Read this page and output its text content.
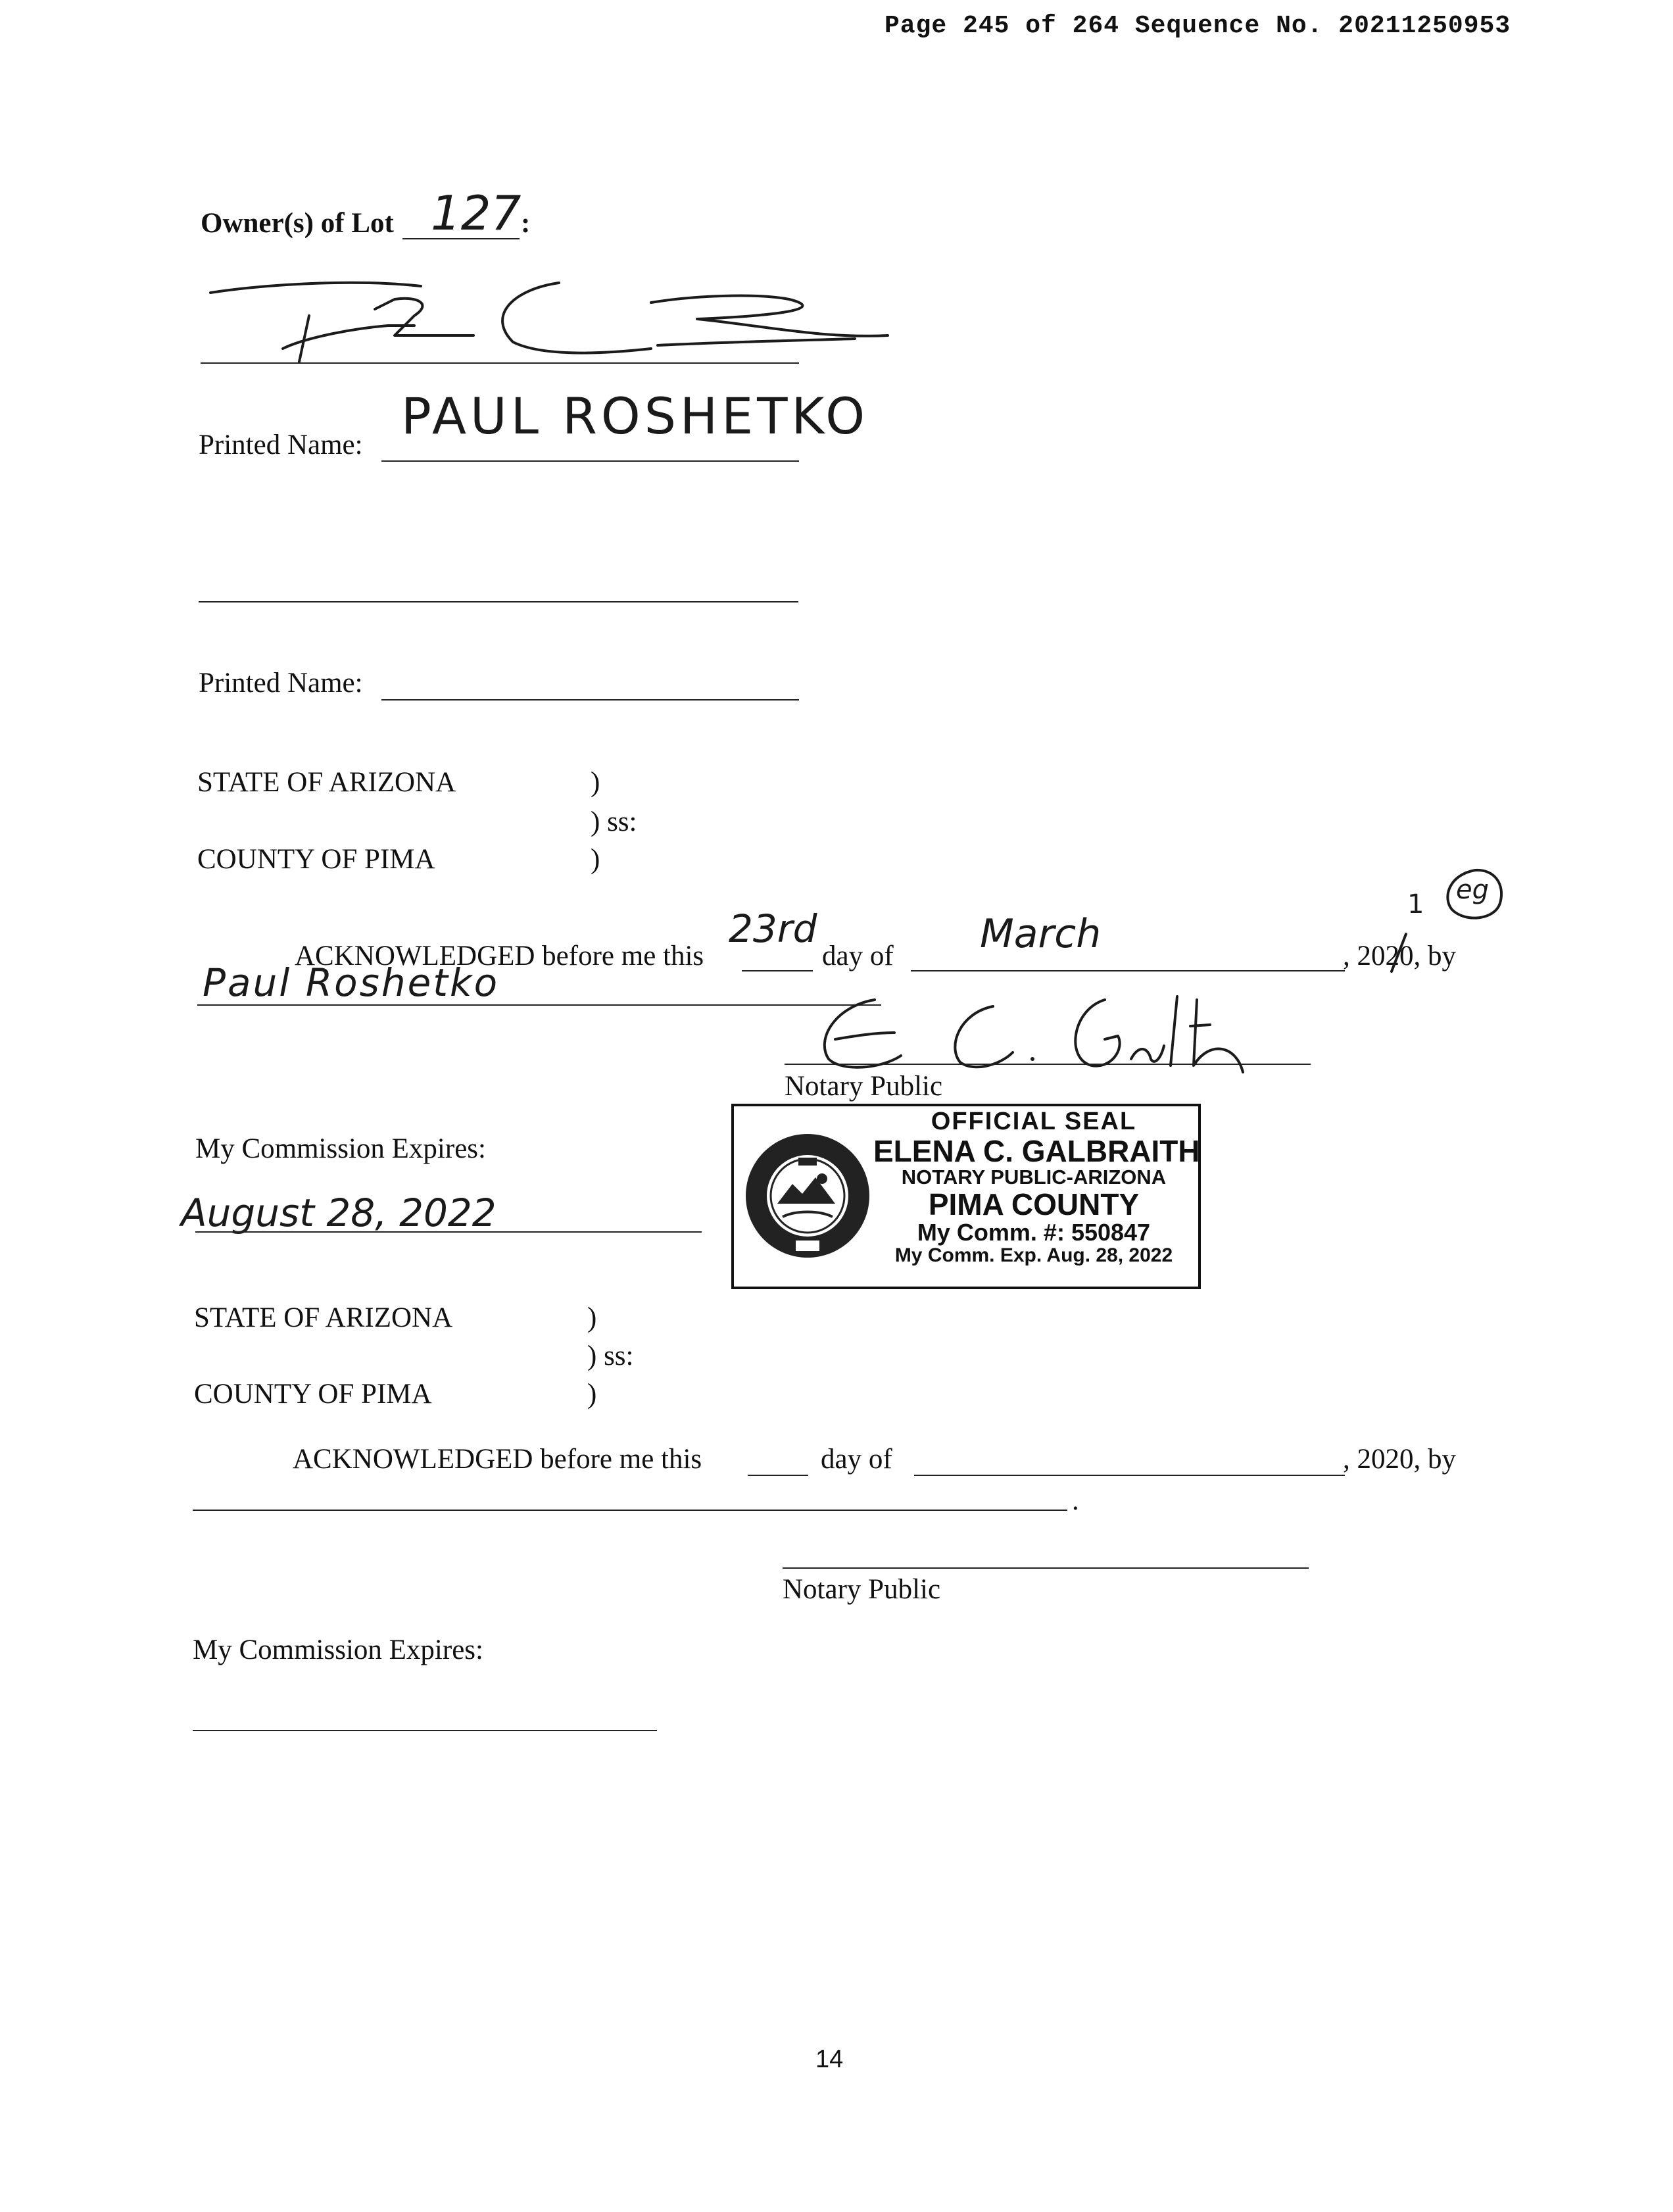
Page 245 of 264 Sequence No. 20211250953
Owner(s) of Lot 127 :
Printed Name: PAUL ROSHETKO
Printed Name:
STATE OF ARIZONA	)
) ss:
COUNTY OF PIMA	)
ACKNOWLEDGED before me this
23rd
day of March	, 2020, by
1 eg
Paul Roshetko
Notary Public
My Commission Expires:
August 28, 2022
OFFICIAL SEAL
ELENA C. GALBRAITH
NOTARY PUBLIC-ARIZONA
PIMA COUNTY
My Comm. #: 550847
My Comm. Exp. Aug. 28, 2022
STATE OF ARIZONA	)
) ss:
COUNTY OF PIMA	)
ACKNOWLEDGED before me this	day of	, 2020, by
.
Notary Public
My Commission Expires:
14
